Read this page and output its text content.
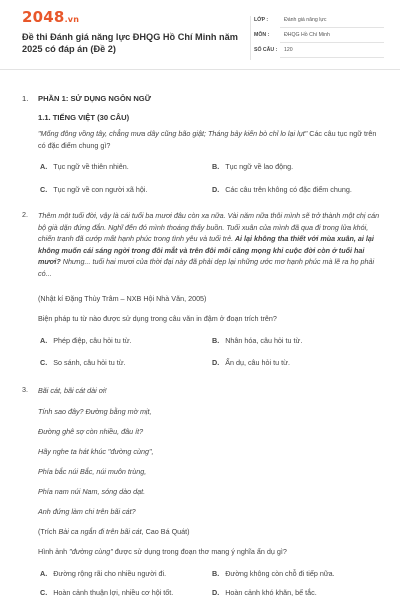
2048.vn
Đề thi Đánh giá năng lực ĐHQG Hồ Chí Minh năm 2025 có đáp án (Đề 2)
LỚP :	Đánh giá năng lực
MÔN :	ĐHQG Hồ Chí Minh
SỐ CÂU : 120
1. PHẦN 1: SỬ DỤNG NGÔN NGỮ
1.1. TIẾNG VIỆT (30 CÂU)
"Mống đông vồng tây, chẳng mưa dây cũng bão giật; Tháng bảy kiến bò chỉ lo lại lụt" Các câu tục ngữ trên có đặc điểm chung gì?
A. Tục ngữ về thiên nhiên.	B. Tục ngữ về lao động.
C. Tục ngữ về con người xã hội.	D. Các câu trên không có đặc điểm chung.
2. Thêm một tuổi đời, vậy là cái tuổi ba mươi đâu còn xa nữa. Vài năm nữa thôi mình sẽ trở thành một chị cán bộ già dặn đứng đắn. Nghĩ đến đó mình thoáng thấy buồn. Tuổi xuân của mình đã qua đi trong lửa khói, chiến tranh đã cướp mất hạnh phúc trong tình yêu và tuổi trẻ. Ai lại không tha thiết với mùa xuân, ai lại không muốn cái sáng ngời trong đôi mắt và trên đôi môi căng mọng khi cuộc đời còn ở tuổi hai mươi? Nhưng... tuổi hai mươi của thời đại này đã phải dẹp lại những ước mơ hạnh phúc mà lẽ ra họ phải có...
(Nhật kí Đặng Thùy Trâm – NXB Hội Nhà Văn, 2005)
Biện pháp tu từ nào được sử dụng trong câu văn in đậm ở đoạn trích trên?
A. Phép điệp, câu hỏi tu từ.	B. Nhân hóa, câu hỏi tu từ.
C. So sánh, câu hỏi tu từ.	D. Ẩn dụ, câu hỏi tu từ.
3. Bãi cát, bãi cát dài ơi!
Tính sao đây? Đường bằng mờ mịt,
Đường ghê sợ còn nhiều, đâu ít?
Hãy nghe ta hát khúc "đường cùng",
Phía bắc núi Bắc, núi muôn trùng,
Phía nam núi Nam, sóng dào dạt.
Anh đứng làm chi trên bãi cát?
(Trích Bài ca ngắn đi trên bãi cát, Cao Bá Quát)
Hình ảnh "đường cùng" được sử dụng trong đoạn thơ mang ý nghĩa ẩn dụ gì?
A. Đường rộng rãi cho nhiều người đi.	B. Đường không còn chỗ đi tiếp nữa.
C. Hoàn cảnh thuận lợi, nhiều cơ hội tốt.	D. Hoàn cảnh khó khăn, bế tắc.
